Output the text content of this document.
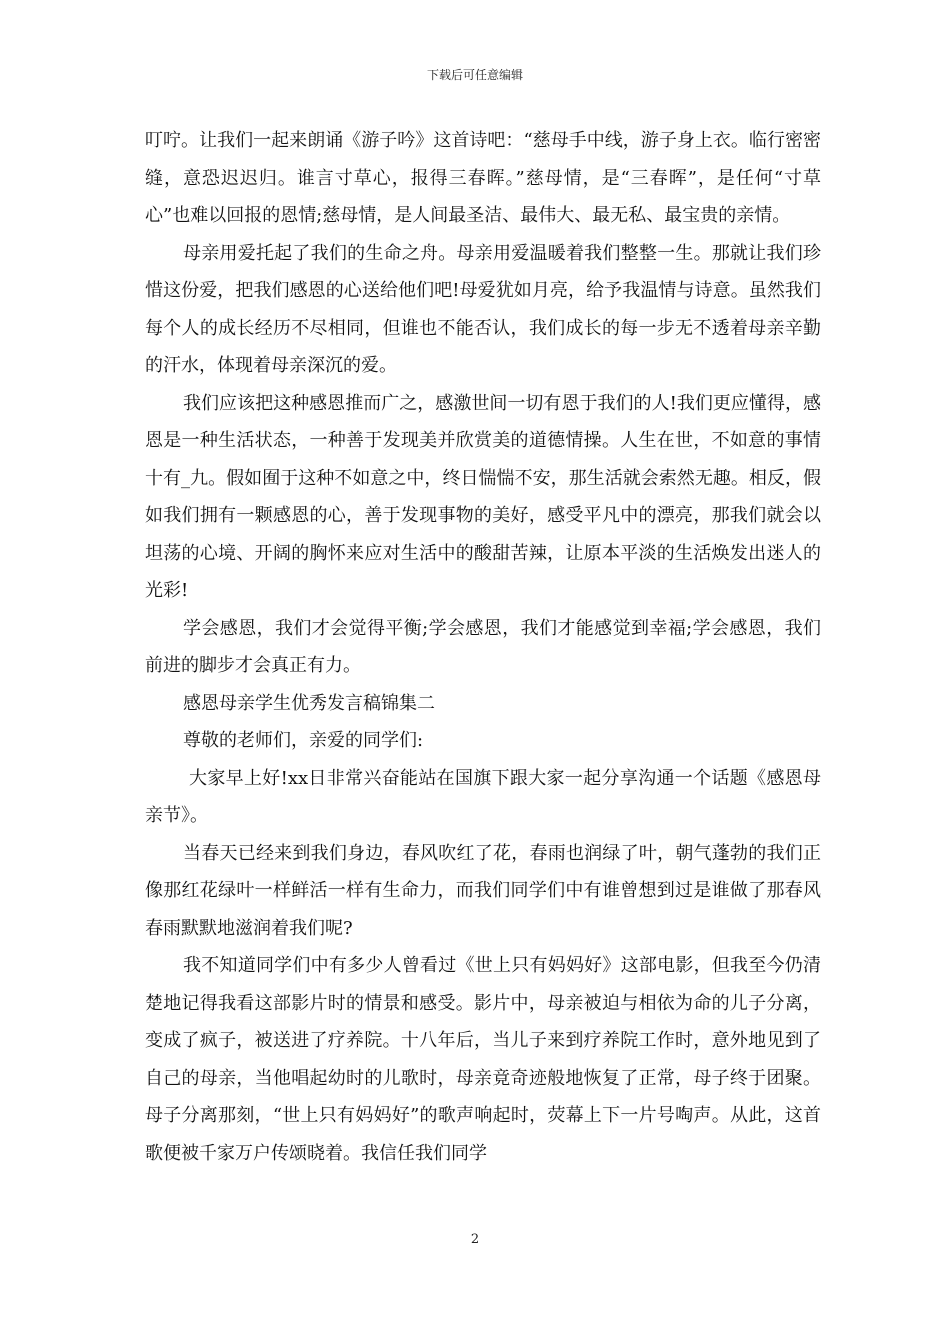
下载后可任意编辑

叮咛。让我们一起来朗诵《游子吟》这首诗吧：“慈母手中线，游子身上衣。临行密密缝，意恐迟迟归。谁言寸草心，报得三春晖。”慈母情，是“三春晖”，是任何“寸草心”也难以回报的恩情;慈母情，是人间最圣洁、最伟大、最无私、最宝贵的亲情。

母亲用爱托起了我们的生命之舟。母亲用爱温暖着我们整整一生。那就让我们珍惜这份爱，把我们感恩的心送给他们吧!母爱犹如月亮，给予我温情与诗意。虽然我们每个人的成长经历不尽相同，但谁也不能否认，我们成长的每一步无不透着母亲辛勤的汗水，体现着母亲深沉的爱。

我们应该把这种感恩推而广之，感激世间一切有恩于我们的人!我们更应懂得，感恩是一种生活状态，一种善于发现美并欣赏美的道德情操。人生在世，不如意的事情十有_九。假如囿于这种不如意之中，终日惴惴不安，那生活就会索然无趣。相反，假如我们拥有一颗感恩的心，善于发现事物的美好，感受平凡中的漂亮，那我们就会以坦荡的心境、开阔的胸怀来应对生活中的酸甜苦辣，让原本平淡的生活焕发出迷人的光彩!

学会感恩，我们才会觉得平衡;学会感恩，我们才能感觉到幸福;学会感恩，我们前进的脚步才会真正有力。

感恩母亲学生优秀发言稿锦集二

尊敬的老师们，亲爱的同学们:

大家早上好!xx日非常兴奋能站在国旗下跟大家一起分享沟通一个话题《感恩母亲节》。

当春天已经来到我们身边，春风吹红了花，春雨也润绿了叶，朝气蓬勃的我们正像那红花绿叶一样鲜活一样有生命力，而我们同学们中有谁曾想到过是谁做了那春风春雨默默地滋润着我们呢?

我不知道同学们中有多少人曾看过《世上只有妈妈好》这部电影，但我至今仍清楚地记得我看这部影片时的情景和感受。影片中，母亲被迫与相依为命的儿子分离，变成了疯子，被送进了疗养院。十八年后，当儿子来到疗养院工作时，意外地见到了自己的母亲，当他唱起幼时的儿歌时，母亲竟奇迹般地恢复了正常，母子终于团聚。母子分离那刻，“世上只有妈妈好”的歌声响起时，荧幕上下一片号啕声。从此，这首歌便被千家万户传颂晓着。我信任我们同学

2
